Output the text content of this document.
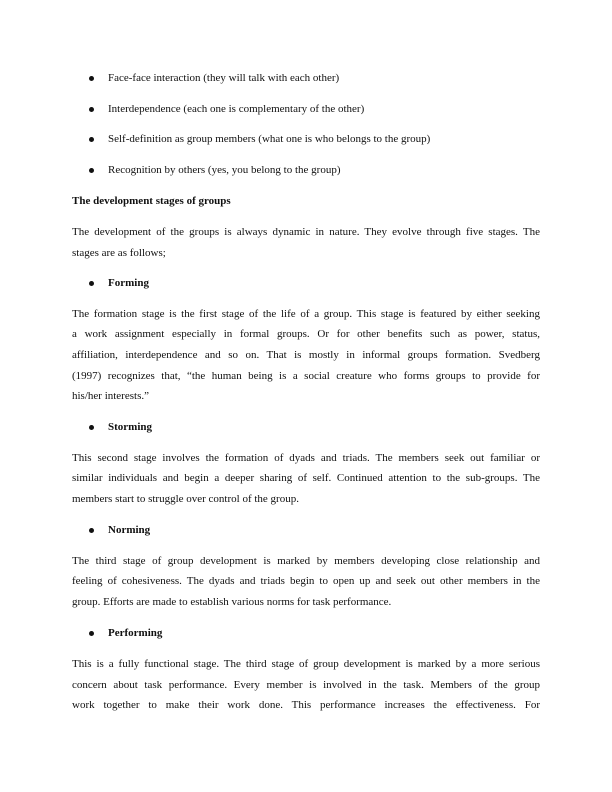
Face-face interaction (they will talk with each other)
Interdependence (each one is complementary of the other)
Self-definition as group members (what one is who belongs to the group)
Recognition by others (yes, you belong to the group)
The development stages of groups
The development of the groups is always dynamic in nature. They evolve through five stages. The
stages are as follows;
Forming
The formation stage is the first stage of the life of a group. This stage is featured by either seeking
a work assignment especially in formal groups. Or for other benefits such as power, status,
affiliation, interdependence and so on. That is mostly in informal groups formation. Svedberg
(1997) recognizes that, “the human being is a social creature who forms groups to provide for
his/her interests.”
Storming
This second stage involves the formation of dyads and triads. The members seek out familiar or
similar individuals and begin a deeper sharing of self. Continued attention to the sub-groups. The
members start to struggle over control of the group.
Norming
The third stage of group development is marked by members developing close relationship and
feeling of cohesiveness. The dyads and triads begin to open up and seek out other members in the
group. Efforts are made to establish various norms for task performance.
Performing
This is a fully functional stage. The third stage of group development is marked by a more serious
concern about task performance. Every member is involved in the task. Members of the group
work together to make their work done. This performance increases the effectiveness. For
